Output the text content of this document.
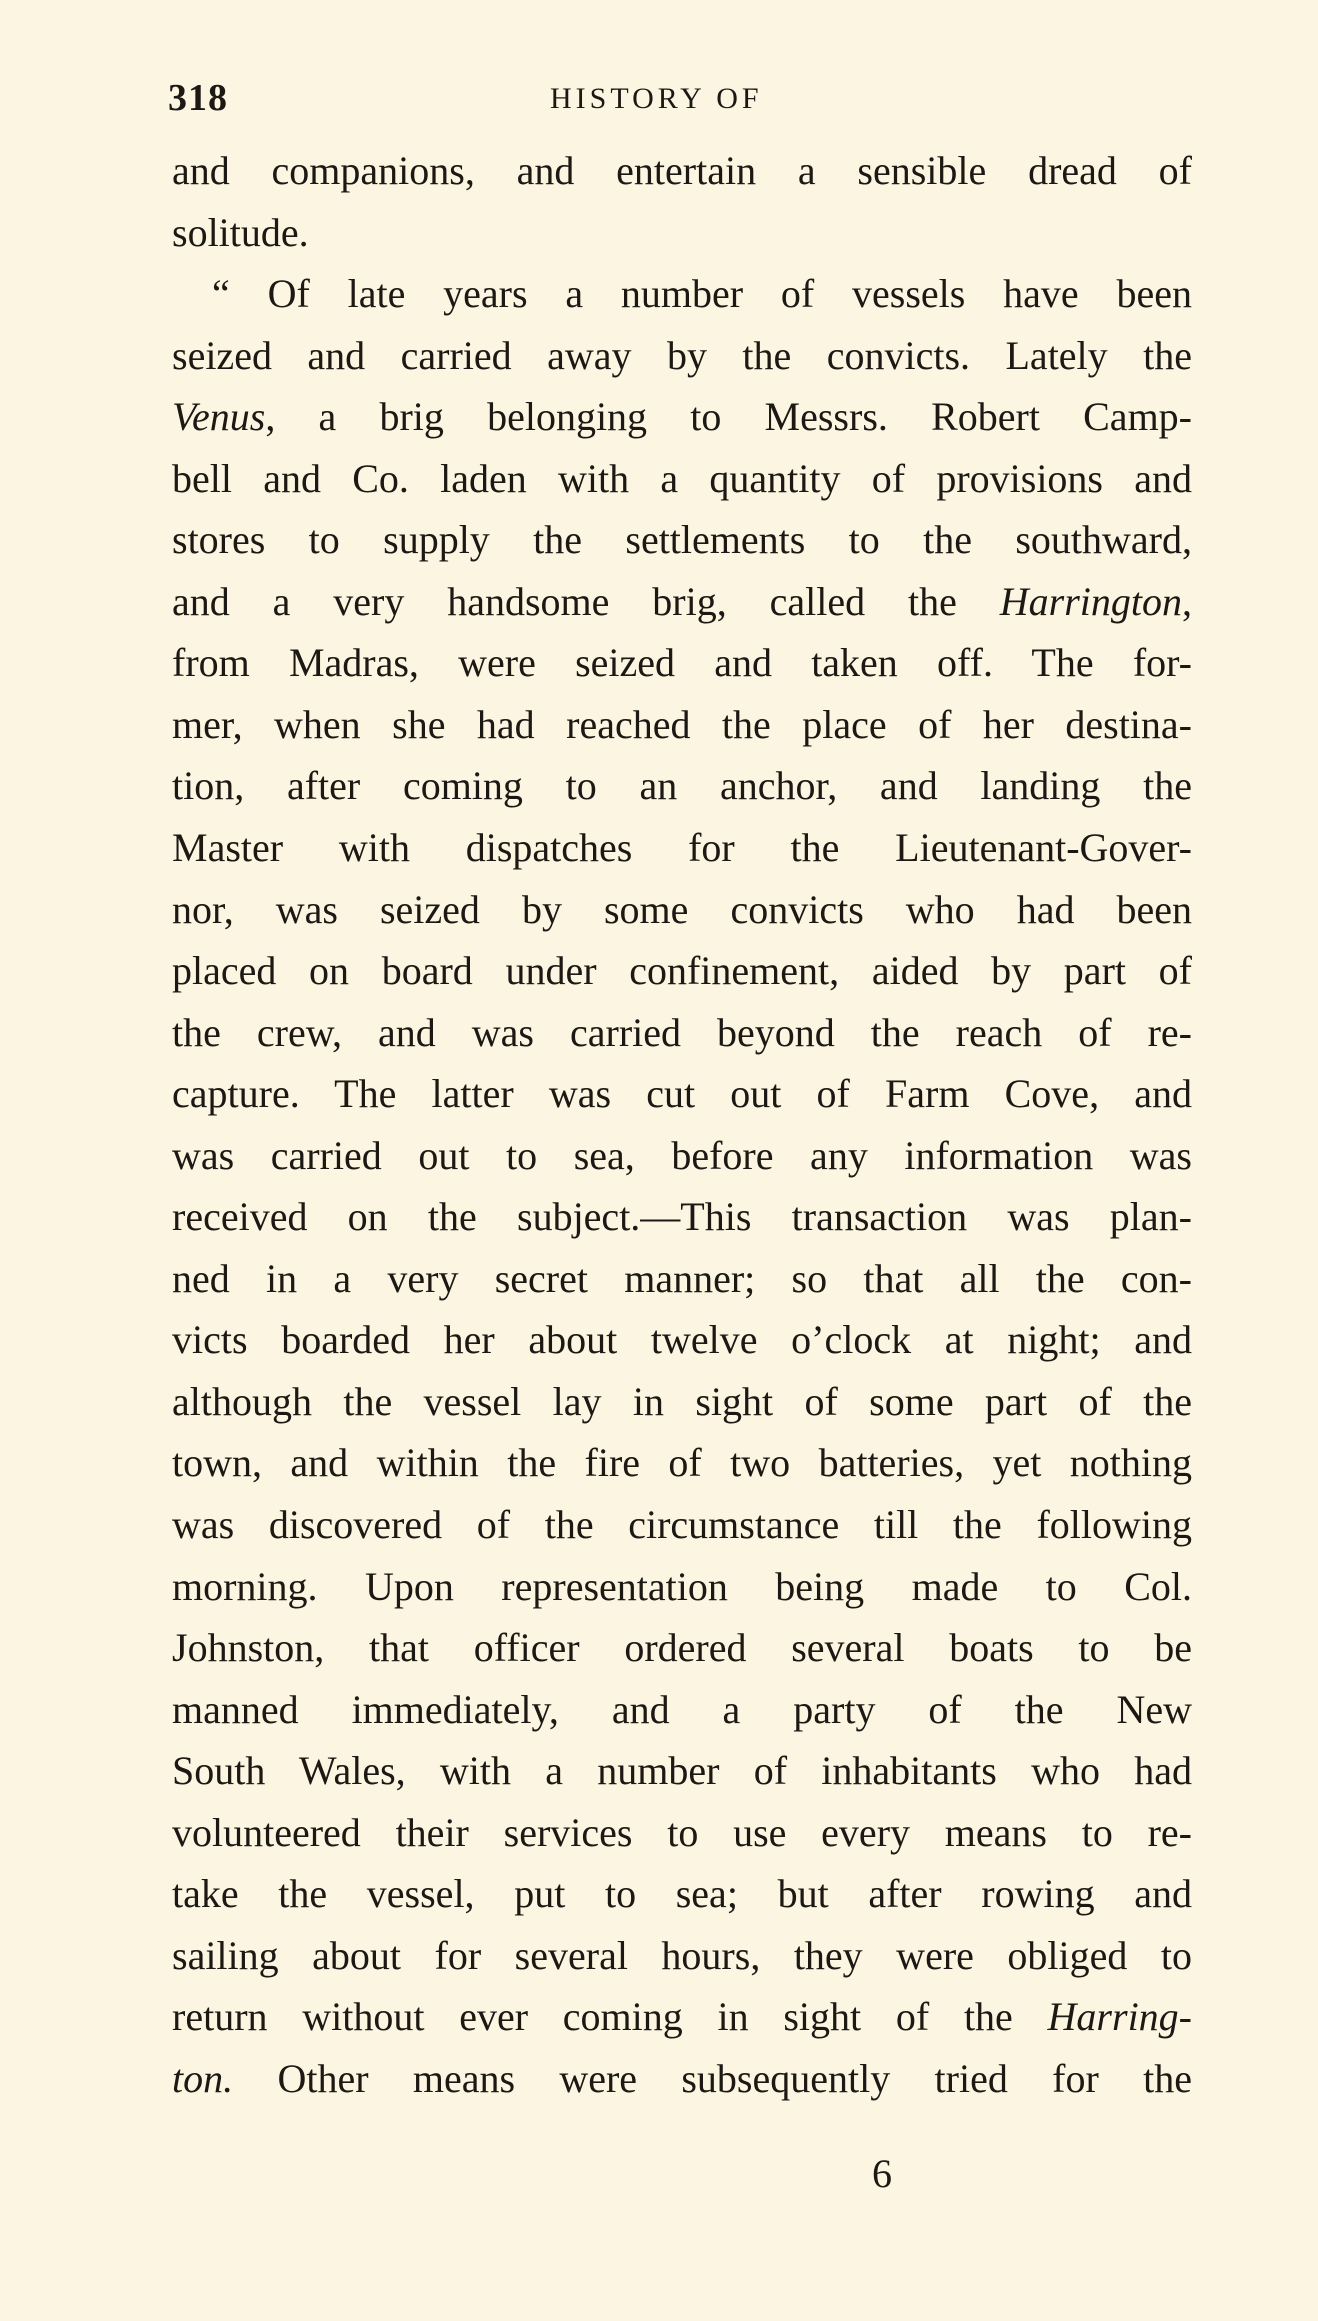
318	HISTORY OF
and companions, and entertain a sensible dread of
solitude.
“ Of late years a number of vessels have been
seized and carried away by the convicts. Lately the
Venus, a brig belonging to Messrs. Robert Camp-
bell and Co. laden with a quantity of provisions and
stores to supply the settlements to the southward,
and a very handsome brig, called the Harrington,
from Madras, were seized and taken off. The for-
mer, when she had reached the place of her destina-
tion, after coming to an anchor, and landing the
Master with dispatches for the Lieutenant-Gover-
nor, was seized by some convicts who had been
placed on board under confinement, aided by part of
the crew, and was carried beyond the reach of re-
capture. The latter was cut out of Farm Cove, and
was carried out to sea, before any information was
received on the subject.—This transaction was plan-
ned in a very secret manner; so that all the con-
victs boarded her about twelve o’clock at night; and
although the vessel lay in sight of some part of the
town, and within the fire of two batteries, yet nothing
was discovered of the circumstance till the following
morning. Upon representation being made to Col.
Johnston, that officer ordered several boats to be
manned immediately, and a party of the New
South Wales, with a number of inhabitants who had
volunteered their services to use every means to re-
take the vessel, put to sea; but after rowing and
sailing about for several hours, they were obliged to
return without ever coming in sight of the Harring-
ton. Other means were subsequently tried for the
6
